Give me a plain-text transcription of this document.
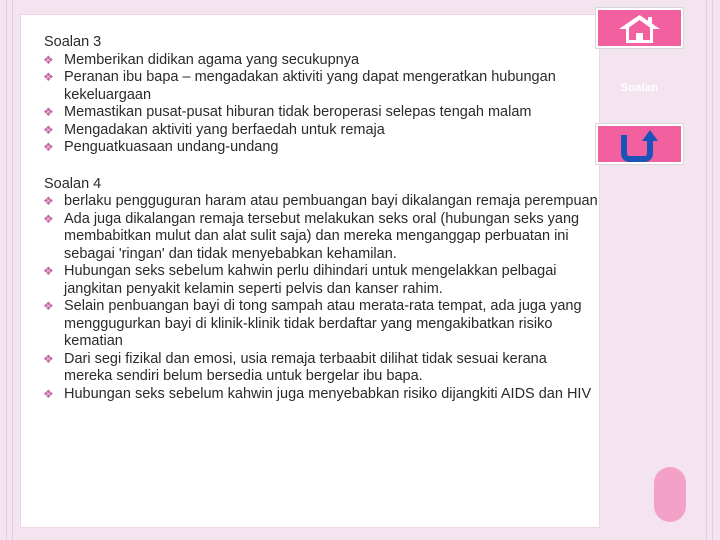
Soalan 3
❖ Memberikan didikan agama yang secukupnya
❖ Peranan ibu bapa – mengadakan aktiviti yang dapat mengeratkan hubungan kekeluargaan
❖ Memastikan pusat-pusat hiburan tidak beroperasi selepas tengah malam
❖ Mengadakan aktiviti yang berfaedah untuk remaja
❖ Penguatkuasaan undang-undang
Soalan 4
❖ berlaku pengguguran haram atau pembuangan bayi dikalangan remaja perempuan
❖ Ada juga dikalangan remaja tersebut melakukan seks oral (hubungan seks yang membabitkan mulut dan alat sulit saja) dan mereka menganggap perbuatan ini sebagai 'ringan' dan tidak menyebabkan kehamilan.
❖ Hubungan seks sebelum kahwin perlu dihindari untuk mengelakkan pelbagai jangkitan penyakit kelamin seperti pelvis dan kanser rahim.
❖ Selain penbuangan bayi di tong sampah atau merata-rata tempat, ada juga yang menggugurkan bayi di klinik-klinik tidak berdaftar yang mengakibatkan risiko kematian
❖ Dari segi fizikal dan emosi, usia remaja terbaabit dilihat tidak sesuai kerana mereka sendiri belum bersedia untuk bergelar ibu bapa.
❖ Hubungan seks sebelum kahwin juga menyebabkan risiko dijangkiti AIDS dan HIV
Soalan
